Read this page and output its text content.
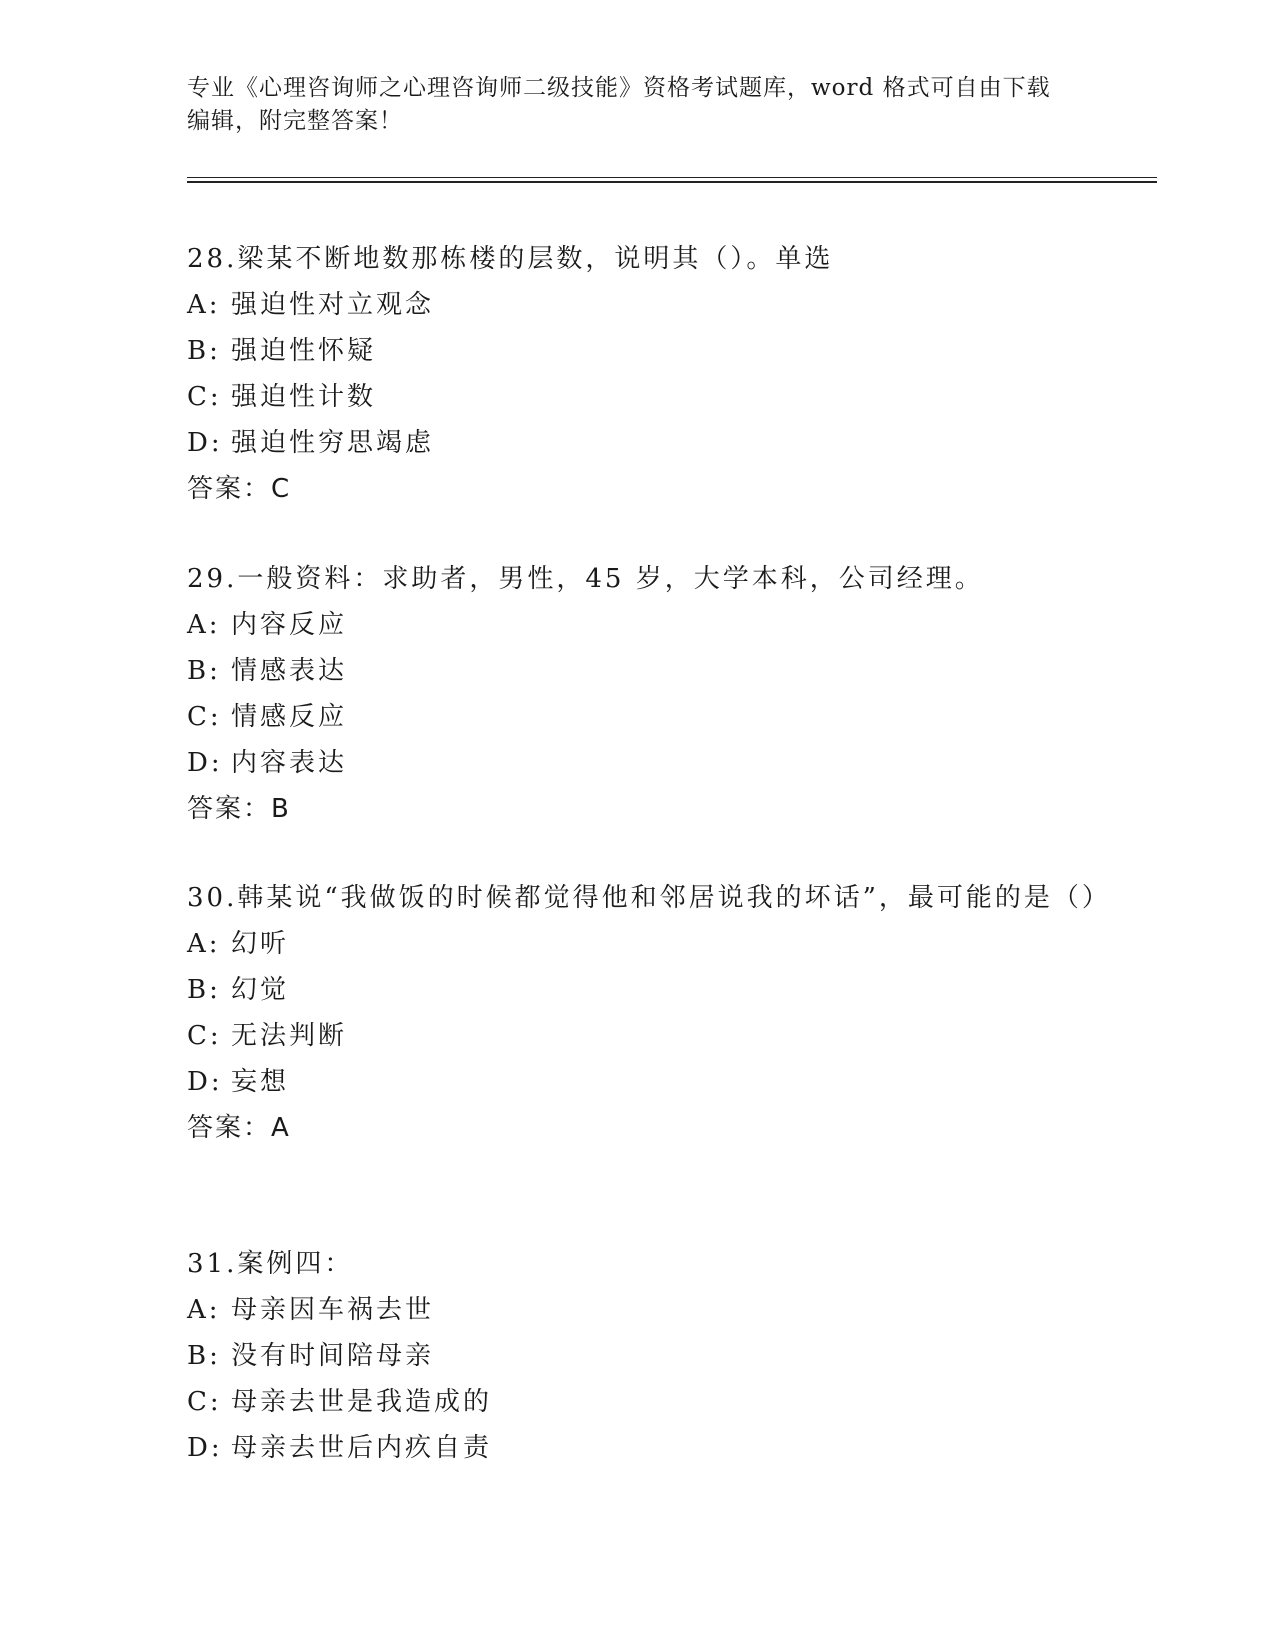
专业《心理咨询师之心理咨询师二级技能》资格考试题库，word 格式可自由下载编辑，附完整答案！
28.梁某不断地数那栋楼的层数，说明其（）。单选
A: 强迫性对立观念
B: 强迫性怀疑
C: 强迫性计数
D: 强迫性穷思竭虑
答案：C
29.一般资料：求助者，男性，45 岁，大学本科，公司经理。
A: 内容反应
B: 情感表达
C: 情感反应
D: 内容表达
答案：B
30.韩某说“我做饭的时候都觉得他和邻居说我的坏话”，最可能的是（）
A: 幻听
B: 幻觉
C: 无法判断
D: 妄想
答案：A
31.案例四：
A: 母亲因车祸去世
B: 没有时间陪母亲
C: 母亲去世是我造成的
D: 母亲去世后内疚自责
